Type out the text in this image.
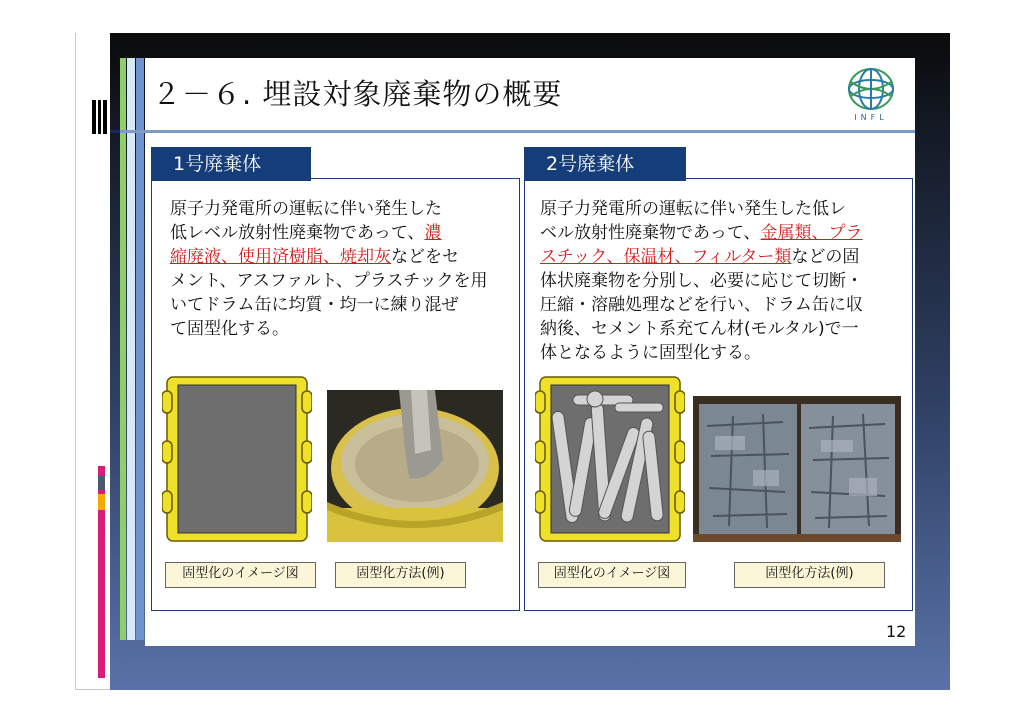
２－６. 埋設対象廃棄物の概要
INFL
1号廃棄体
原子力発電所の運転に伴い発生した
低レベル放射性廃棄物であって、濃
縮廃液、使用済樹脂、焼却灰などをセ
メント、アスファルト、プラスチックを用
いてドラム缶に均質・均一に練り混ぜ
て固型化する。
固型化のイメージ図	固型化方法(例)
2号廃棄体
原子力発電所の運転に伴い発生した低レ
ベル放射性廃棄物であって、金属類、プラ
スチック、保温材、フィルター類などの固
体状廃棄物を分別し、必要に応じて切断・
圧縮・溶融処理などを行い、ドラム缶に収
納後、セメント系充てん材(モルタル)で一
体となるように固型化する。
固型化のイメージ図	固型化方法(例)
12
